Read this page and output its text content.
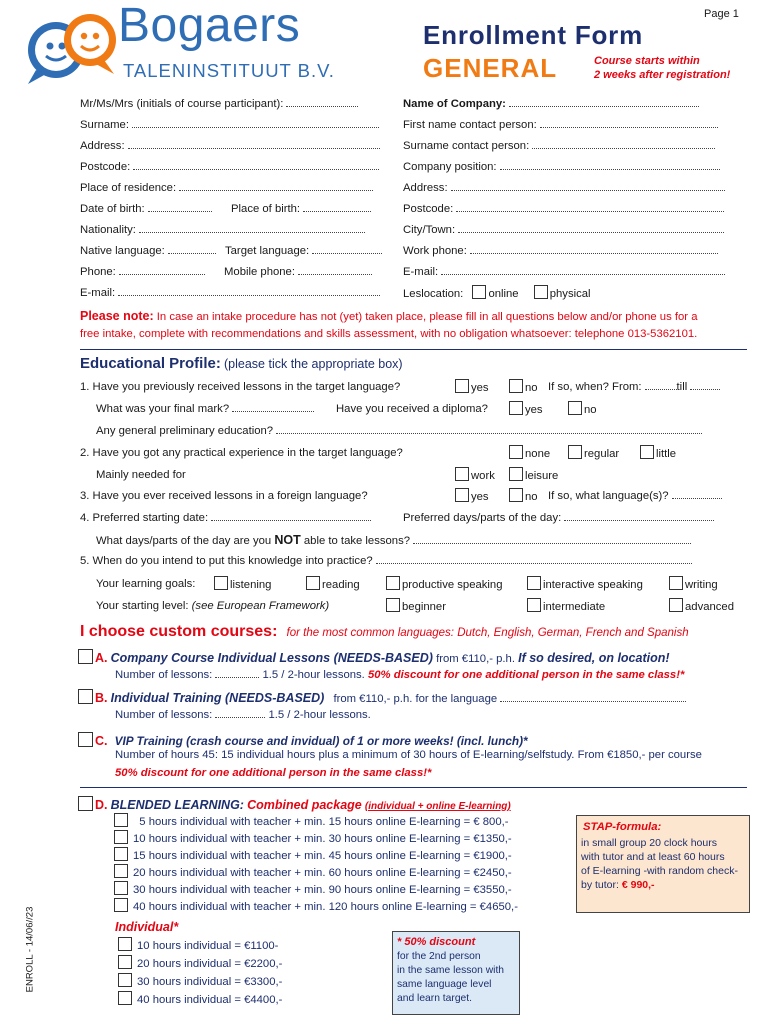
Bogaers
TALENINSTITUUT B.V.
Page 1
Enrollment Form
GENERAL	Course starts within
2 weeks after registration!
Mr/Ms/Mrs (initials of course participant):
Surname:
Address:
Postcode:
Place of residence:
Date of birth:	Place of birth:
Nationality:
Native language:	Target language:
Phone:	Mobile phone:
E-mail:
Name of Company:
First name contact person:
Surname contact person:
Company position:
Address:
Postcode:
City/Town:
Work phone:
E-mail:
Leslocation: online	physical
Please note: In case an intake procedure has not (yet) taken place, please fill in all questions below and/or phone us for a
free intake, complete with recommendations and skills assessment, with no obligation whatsoever: telephone 013-5362101.
Educational Profile: (please tick the appropriate box)
1. Have you previously received lessons in the target language?	yes	no If so, when? From:	till
What was your final mark?	Have you received a diploma?	yes	no
Any general preliminary education?
2. Have you got any practical experience in the target language?	none	regular	little
Mainly needed for	work	leisure
3. Have you ever received lessons in a foreign language?	yes	no If so, what language(s)?
4. Preferred starting date:	Preferred days/parts of the day:
What days/parts of the day are you NOT able to take lessons?
5. When do you intend to put this knowledge into practice?
Your learning goals:	listening	reading	productive speaking	interactive speaking	writing
Your starting level: (see European Framework)	beginner	intermediate	advanced
I choose custom courses: for the most common languages: Dutch, English, German, French and Spanish
A. Company Course Individual Lessons (NEEDS-BASED) from €110,- p.h. If so desired, on location!
Number of lessons:	1.5 / 2-hour lessons. 50% discount for one additional person in the same class!*
B. Individual Training (NEEDS-BASED) from €110,- p.h. for the language
Number of lessons:	1.5 / 2-hour lessons.
C. VIP Training (crash course and invidual) of 1 or more weeks! (incl. lunch)*
Number of hours 45: 15 individual hours plus a minimum of 30 hours of E-learning/selfstudy. From €1850,- per course
50% discount for one additional person in the same class!*
D. BLENDED LEARNING: Combined package (individual + online E-learning)
5 hours individual with teacher + min. 15 hours online E-learning = € 800,-
10 hours individual with teacher + min. 30 hours online E-learning = €1350,-
15 hours individual with teacher + min. 45 hours online E-learning = €1900,-
20 hours individual with teacher + min. 60 hours online E-learning = €2450,-
30 hours individual with teacher + min. 90 hours online E-learning = €3550,-
40 hours individual with teacher + min. 120 hours online E-learning = €4650,-
STAP-formula:
in small group 20 clock hours
with tutor and at least 60 hours
of E-learning -with random check-
by tutor: € 990,-
Individual*
10 hours individual = €1100-
20 hours individual = €2200,-
30 hours individual = €3300,-
40 hours individual = €4400,-
* 50% discount
for the 2nd person
in the same lesson with
same language level
and learn target.
ENROLL - 14/06//23
